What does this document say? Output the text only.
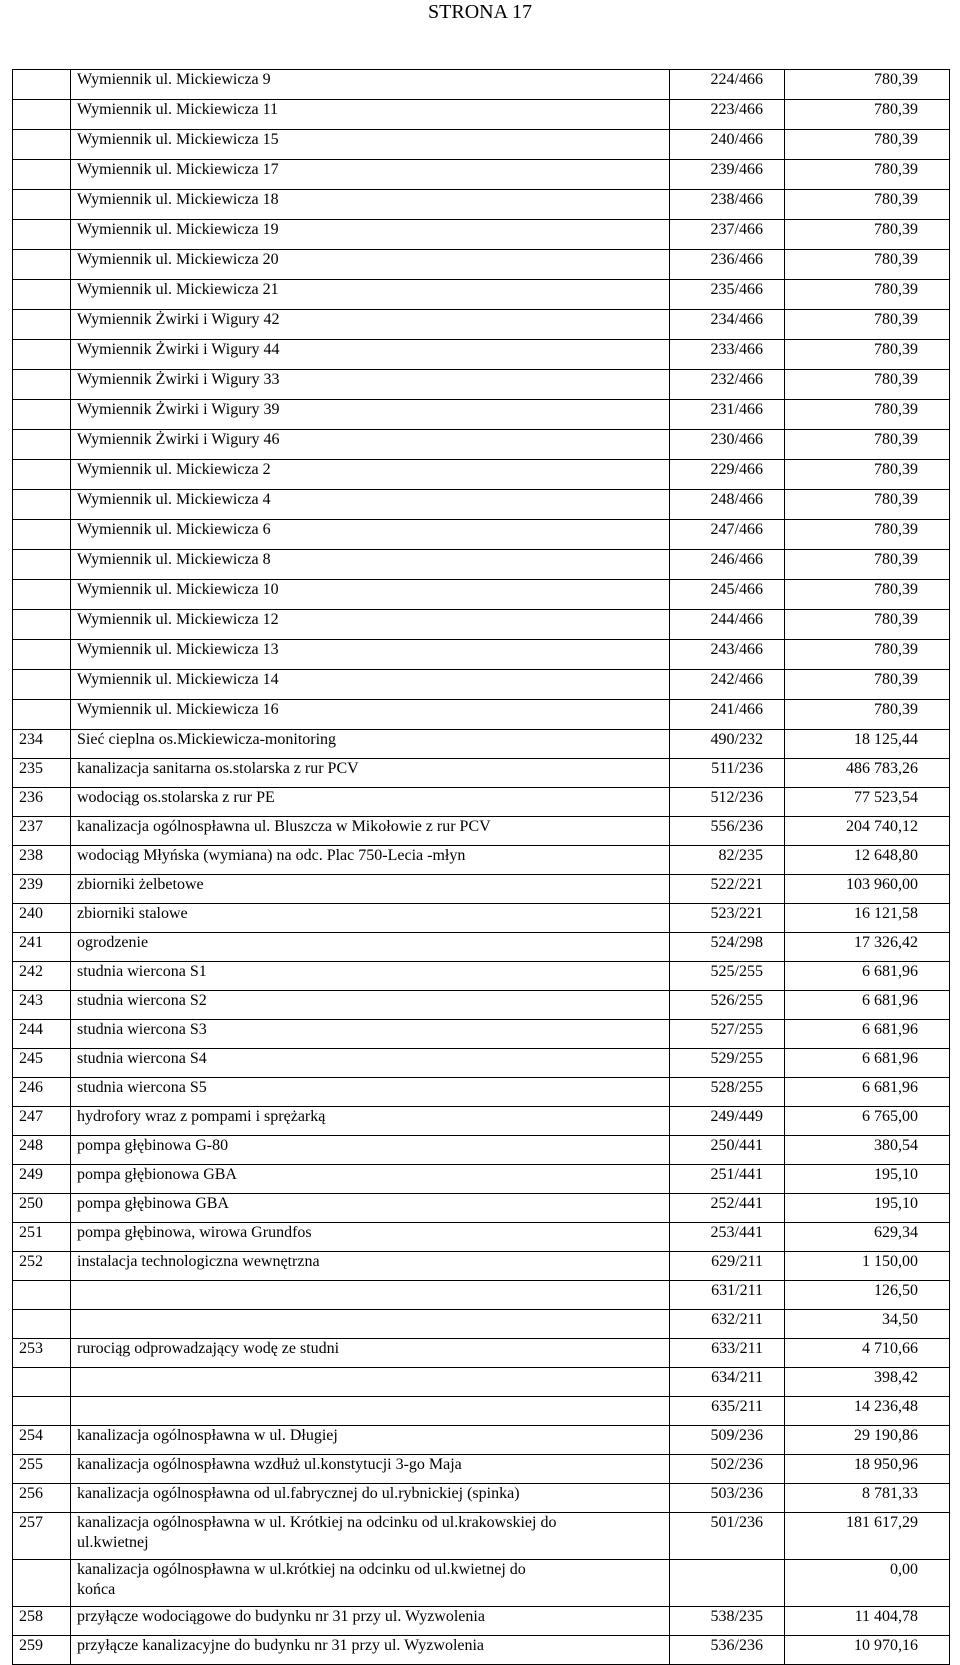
STRONA 17

	Wymiennik ul. Mickiewicza 9	224/466	780,39

	Wymiennik ul. Mickiewicza 11	223/466	780,39

	Wymiennik ul. Mickiewicza 15	240/466	780,39

	Wymiennik ul. Mickiewicza 17	239/466	780,39

	Wymiennik ul. Mickiewicza 18	238/466	780,39

	Wymiennik ul. Mickiewicza 19	237/466	780,39

	Wymiennik ul. Mickiewicza 20	236/466	780,39

	Wymiennik ul. Mickiewicza 21	235/466	780,39

	Wymiennik Żwirki i Wigury 42	234/466	780,39

	Wymiennik Żwirki i Wigury 44	233/466	780,39

	Wymiennik Żwirki i Wigury 33	232/466	780,39

	Wymiennik Żwirki i Wigury 39	231/466	780,39

	Wymiennik Żwirki i Wigury 46	230/466	780,39

	Wymiennik ul. Mickiewicza 2	229/466	780,39

	Wymiennik ul. Mickiewicza 4	248/466	780,39

	Wymiennik ul. Mickiewicza 6	247/466	780,39

	Wymiennik ul. Mickiewicza 8	246/466	780,39

	Wymiennik ul. Mickiewicza 10	245/466	780,39

	Wymiennik ul. Mickiewicza 12	244/466	780,39

	Wymiennik ul. Mickiewicza 13	243/466	780,39

	Wymiennik ul. Mickiewicza 14	242/466	780,39

	Wymiennik ul. Mickiewicza 16	241/466	780,39
234	Sieć cieplna os.Mickiewicza-monitoring	490/232	18 125,44
235	kanalizacja sanitarna os.stolarska z rur PCV	511/236	486 783,26
236	wodociąg os.stolarska z rur PE	512/236	77 523,54
237	kanalizacja ogólnospławna ul. Bluszcza w Mikołowie z rur PCV	556/236	204 740,12
238	wodociąg Młyńska (wymiana) na odc. Plac 750-Lecia -młyn	82/235	12 648,80
239	zbiorniki żelbetowe	522/221	103 960,00
240	zbiorniki stalowe	523/221	16 121,58
241	ogrodzenie	524/298	17 326,42
242	studnia wiercona S1	525/255	6 681,96
243	studnia wiercona S2	526/255	6 681,96
244	studnia wiercona S3	527/255	6 681,96
245	studnia wiercona S4	529/255	6 681,96
246	studnia wiercona S5	528/255	6 681,96
247	hydrofory wraz z pompami i sprężarką	249/449	6 765,00
248	pompa głębinowa G-80	250/441	380,54
249	pompa głębionowa GBA	251/441	195,10
250	pompa głębinowa GBA	252/441	195,10
251	pompa głębinowa, wirowa Grundfos	253/441	629,34
252	instalacja technologiczna wewnętrzna	629/211	1 150,00

	631/211	126,50

	632/211	34,50
253	rurociąg odprowadzający wodę ze studni	633/211	4 710,66

	634/211	398,42

	635/211	14 236,48
254	kanalizacja ogólnospławna w ul. Długiej	509/236	29 190,86
255	kanalizacja ogólnospławna wzdłuż ul.konstytucji 3-go Maja	502/236	18 950,96
256	kanalizacja ogólnospławna od ul.fabrycznej do ul.rybnickiej (spinka)	503/236	8 781,33
257	kanalizacja ogólnospławna w ul. Krótkiej na odcinku od ul.krakowskiej do
ul.kwietnej	501/236	181 617,29

	kanalizacja ogólnospławna w ul.krótkiej na odcinku od ul.kwietnej do
końca		0,00
258	przyłącze wodociągowe do budynku nr 31 przy ul. Wyzwolenia	538/235	11 404,78
259	przyłącze kanalizacyjne do budynku nr 31 przy ul. Wyzwolenia	536/236	10 970,16
